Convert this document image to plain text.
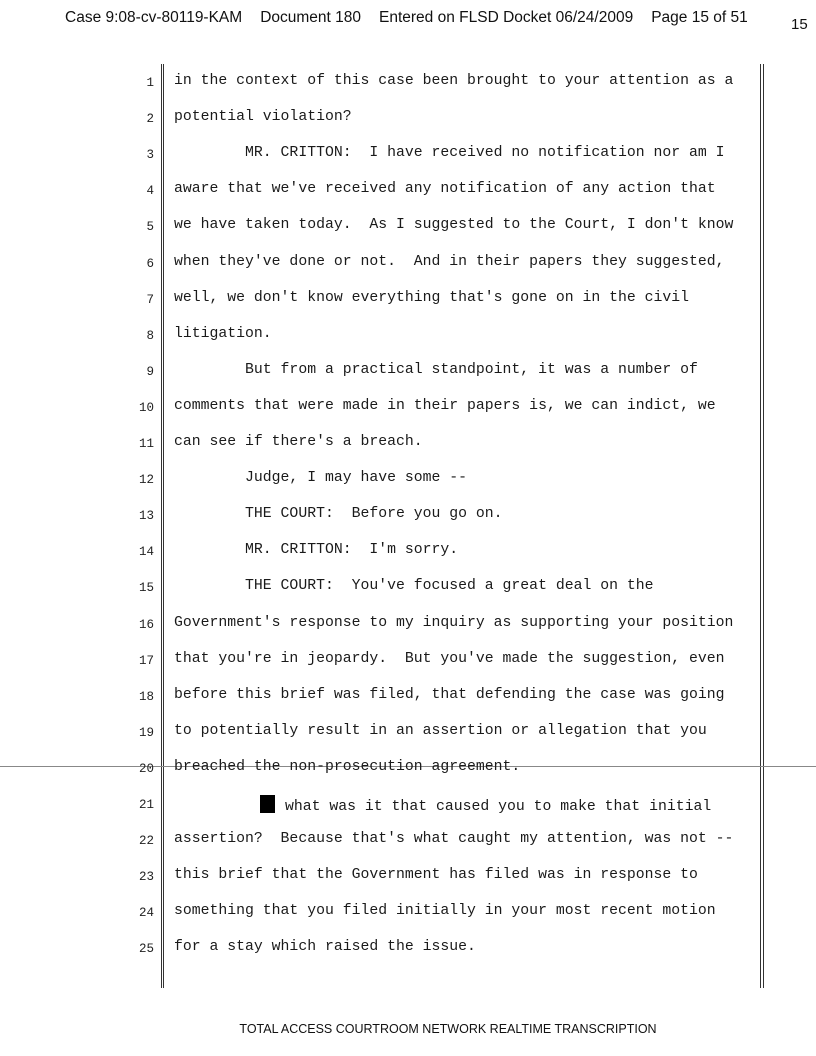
Case 9:08-cv-80119-KAM Document 180 Entered on FLSD Docket 06/24/2009 Page 15 of 51	15
1 in the context of this case been brought to your attention as a
2 potential violation?
3 MR. CRITTON:  I have received no notification nor am I
4 aware that we've received any notification of any action that
5 we have taken today.  As I suggested to the Court, I don't know
6 when they've done or not.  And in their papers they suggested,
7 well, we don't know everything that's gone on in the civil
8 litigation.
9 But from a practical standpoint, it was a number of
10 comments that were made in their papers is, we can indict, we
11 can see if there's a breach.
12 Judge, I may have some --
13 THE COURT:  Before you go on.
14 MR. CRITTON:  I'm sorry.
15 THE COURT:  You've focused a great deal on the
16 Government's response to my inquiry as supporting your position
17 that you're in jeopardy.  But you've made the suggestion, even
18 before this brief was filed, that defending the case was going
19 to potentially result in an assertion or allegation that you
20 breached the non-prosecution agreement.
21	what was it that caused you to make that initial
22 assertion?  Because that's what caught my attention, was not --
23 this brief that the Government has filed was in response to
24 something that you filed initially in your most recent motion
25 for a stay which raised the issue.
TOTAL ACCESS COURTROOM NETWORK REALTIME TRANSCRIPTION
